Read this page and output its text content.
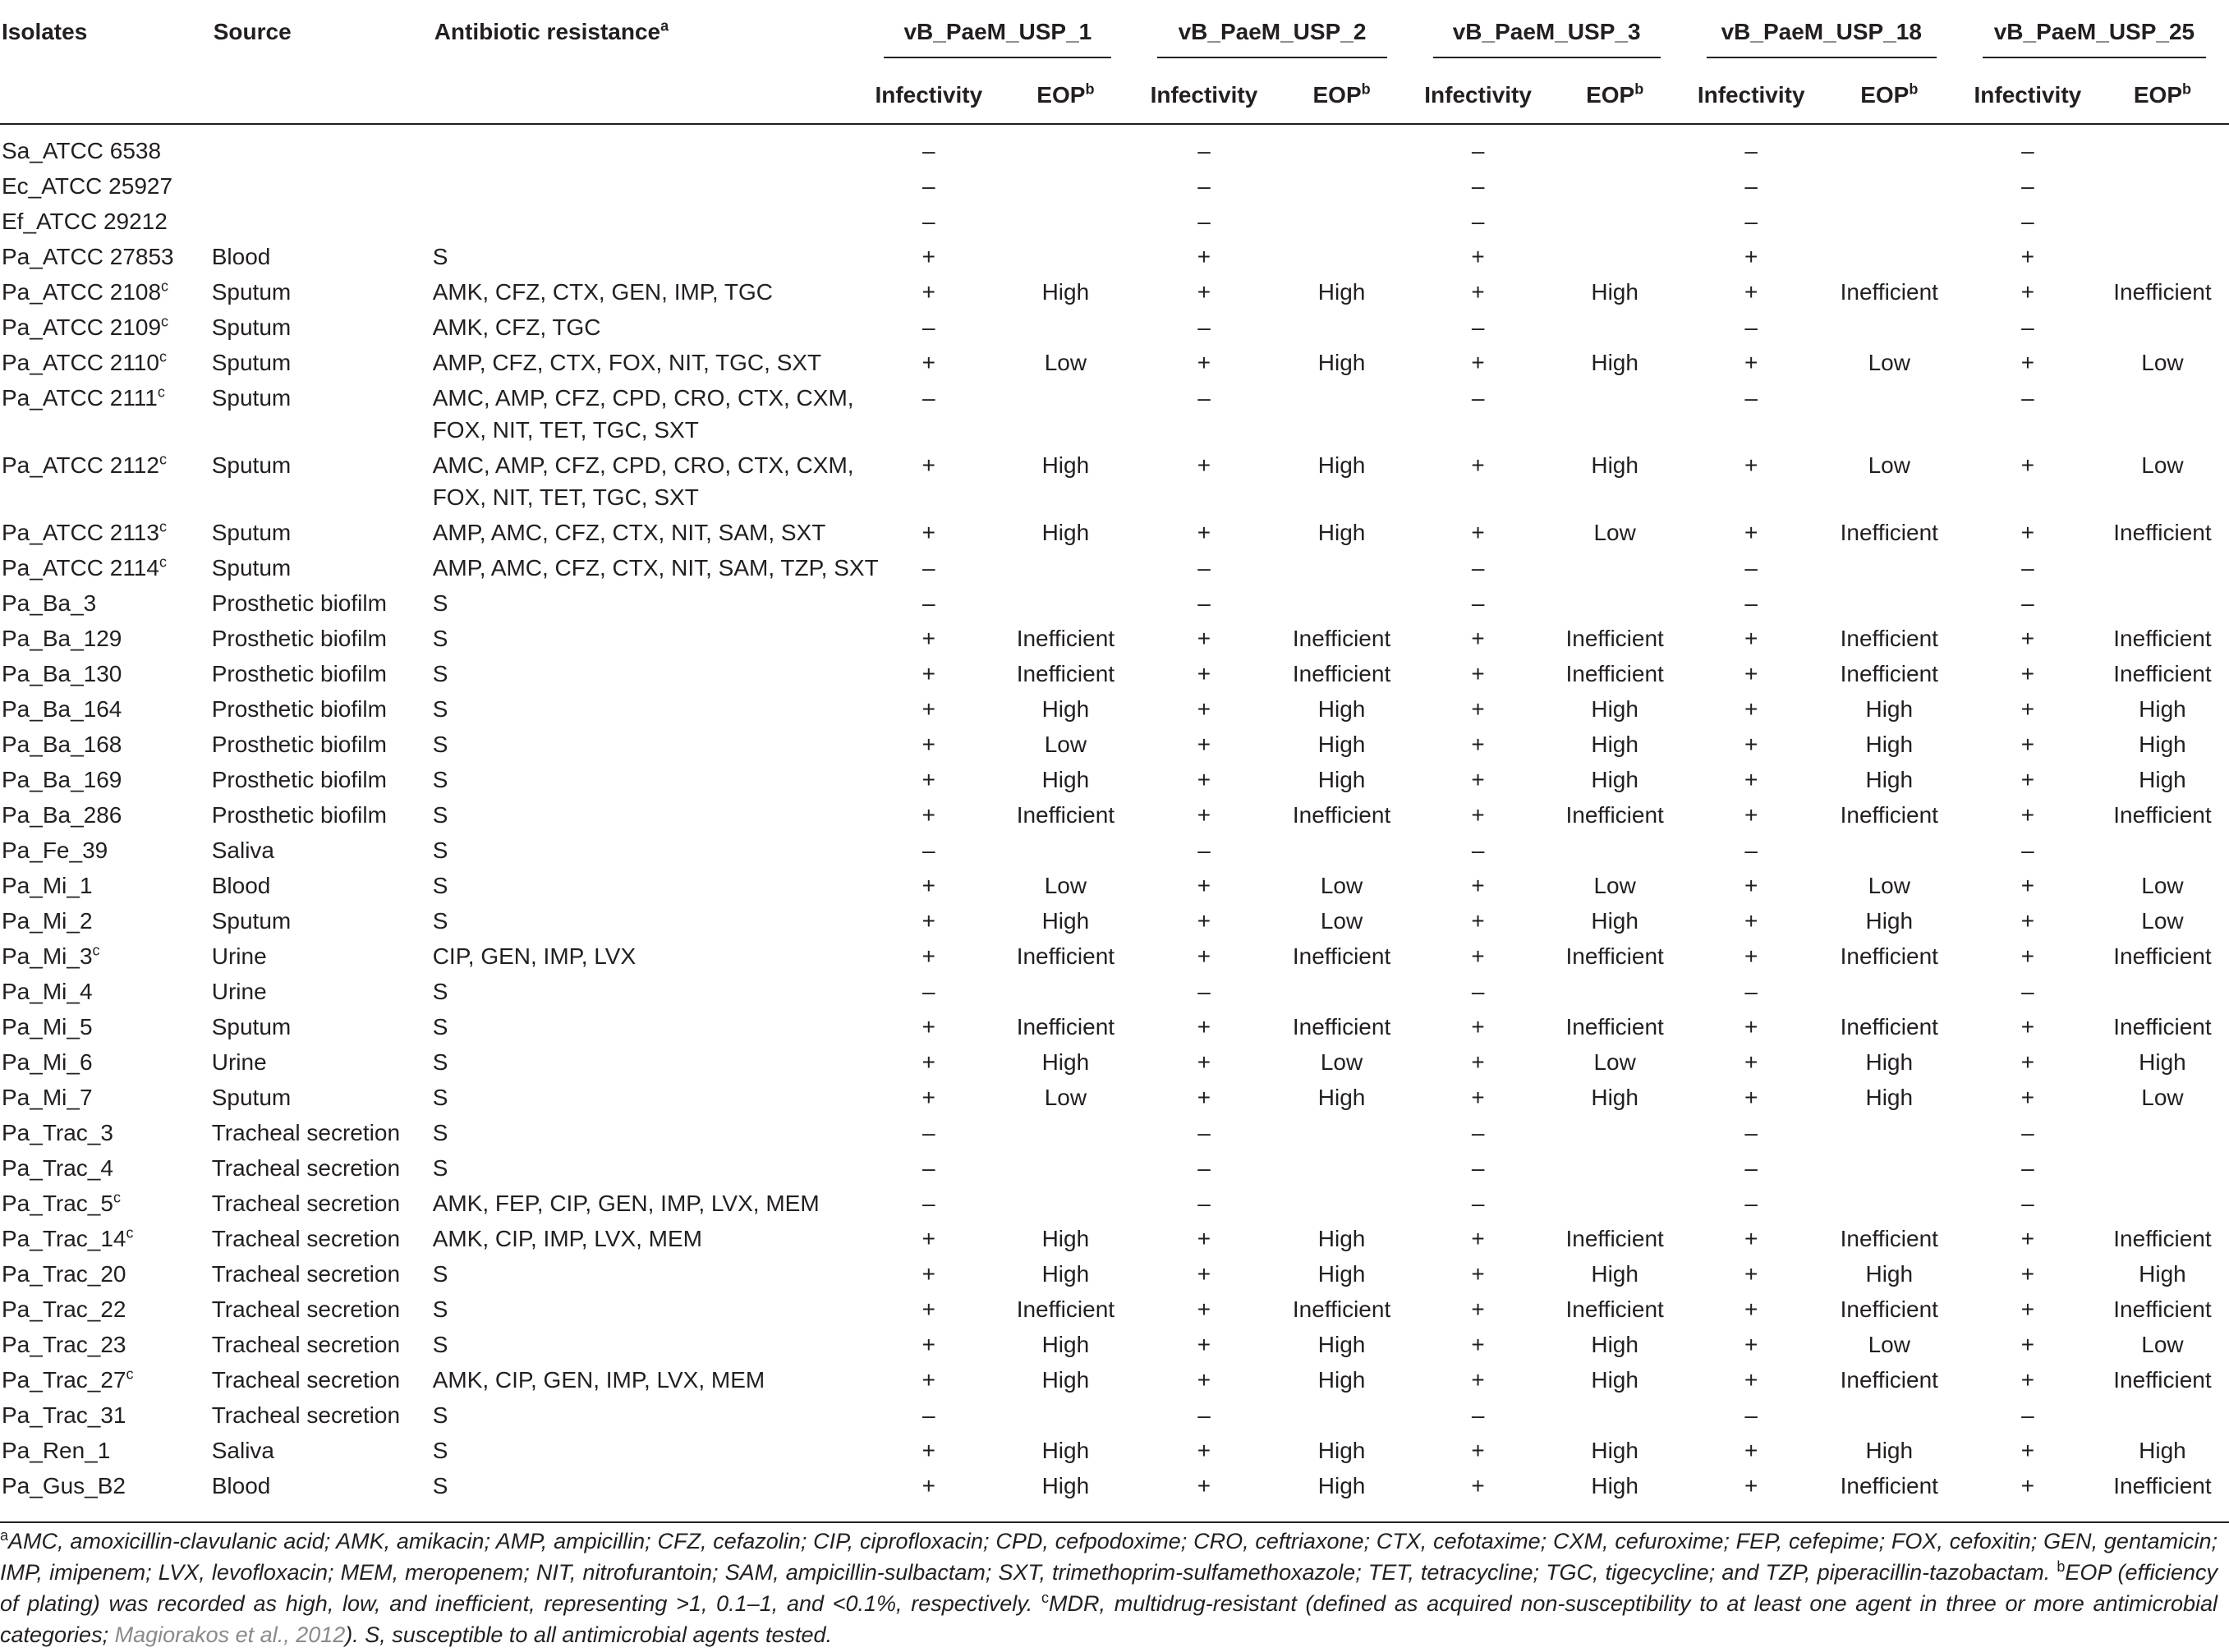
Isolates	Source	Antibiotic resistance$^a$	vB_PaeM_USP_1		vB_PaeM_USP_2		vB_PaeM_USP_3		vB_PaeM_USP_18		vB_PaeM_USP_25	

			Infectivity	EOP$^b$	Infectivity	EOP$^b$	Infectivity	EOP$^b$	Infectivity	EOP$^b$	Infectivity	EOP$^b$
Sa_ATCC 6538			–		–		–		–		–	
Ec_ATCC 25927			–		–		–		–		–	
Ef_ATCC 29212			–		–		–		–		–	
Pa_ATCC 27853	Blood	S	+		+		+		+		+	
Pa_ATCC 2108$^c$	Sputum	AMK, CFZ, CTX, GEN, IMP, TGC	+	High	+	High	+	High	+	Inefficient	+	Inefficient
Pa_ATCC 2109$^c$	Sputum	AMK, CFZ, TGC	–		–		–		–		–	
Pa_ATCC 2110$^c$	Sputum	AMP, CFZ, CTX, FOX, NIT, TGC, SXT	+	Low	+	High	+	High	+	Low	+	Low
Pa_ATCC 2111$^c$	Sputum	AMC, AMP, CFZ, CPD, CRO, CTX, CXM, FOX, NIT, TET, TGC, SXT	–		–		–		–		–	
Pa_ATCC 2112$^c$	Sputum	AMC, AMP, CFZ, CPD, CRO, CTX, CXM, FOX, NIT, TET, TGC, SXT	+	High	+	High	+	High	+	Low	+	Low
Pa_ATCC 2113$^c$	Sputum	AMP, AMC, CFZ, CTX, NIT, SAM, SXT	+	High	+	High	+	Low	+	Inefficient	+	Inefficient
Pa_ATCC 2114$^c$	Sputum	AMP, AMC, CFZ, CTX, NIT, SAM, TZP, SXT	–		–		–		–		–	
Pa_Ba_3	Prosthetic biofilm	S	–		–		–		–		–	
Pa_Ba_129	Prosthetic biofilm	S	+	Inefficient	+	Inefficient	+	Inefficient	+	Inefficient	+	Inefficient
Pa_Ba_130	Prosthetic biofilm	S	+	Inefficient	+	Inefficient	+	Inefficient	+	Inefficient	+	Inefficient
Pa_Ba_164	Prosthetic biofilm	S	+	High	+	High	+	High	+	High	+	High
Pa_Ba_168	Prosthetic biofilm	S	+	Low	+	High	+	High	+	High	+	High
Pa_Ba_169	Prosthetic biofilm	S	+	High	+	High	+	High	+	High	+	High
Pa_Ba_286	Prosthetic biofilm	S	+	Inefficient	+	Inefficient	+	Inefficient	+	Inefficient	+	Inefficient
Pa_Fe_39	Saliva	S	–		–		–		–		–	
Pa_Mi_1	Blood	S	+	Low	+	Low	+	Low	+	Low	+	Low
Pa_Mi_2	Sputum	S	+	High	+	Low	+	High	+	High	+	Low
Pa_Mi_3$^c$	Urine	CIP, GEN, IMP, LVX	+	Inefficient	+	Inefficient	+	Inefficient	+	Inefficient	+	Inefficient
Pa_Mi_4	Urine	S	–		–		–		–		–	
Pa_Mi_5	Sputum	S	+	Inefficient	+	Inefficient	+	Inefficient	+	Inefficient	+	Inefficient
Pa_Mi_6	Urine	S	+	High	+	Low	+	Low	+	High	+	High
Pa_Mi_7	Sputum	S	+	Low	+	High	+	High	+	High	+	Low
Pa_Trac_3	Tracheal secretion	S	–		–		–		–		–	
Pa_Trac_4	Tracheal secretion	S	–		–		–		–		–	
Pa_Trac_5$^c$	Tracheal secretion	AMK, FEP, CIP, GEN, IMP, LVX, MEM	–		–		–		–		–	
Pa_Trac_14$^c$	Tracheal secretion	AMK, CIP, IMP, LVX, MEM	+	High	+	High	+	Inefficient	+	Inefficient	+	Inefficient
Pa_Trac_20	Tracheal secretion	S	+	High	+	High	+	High	+	High	+	High
Pa_Trac_22	Tracheal secretion	S	+	Inefficient	+	Inefficient	+	Inefficient	+	Inefficient	+	Inefficient
Pa_Trac_23	Tracheal secretion	S	+	High	+	High	+	High	+	Low	+	Low
Pa_Trac_27$^c$	Tracheal secretion	AMK, CIP, GEN, IMP, LVX, MEM	+	High	+	High	+	High	+	Inefficient	+	Inefficient
Pa_Trac_31	Tracheal secretion	S	–		–		–		–		–	
Pa_Ren_1	Saliva	S	+	High	+	High	+	High	+	High	+	High
Pa_Gus_B2	Blood	S	+	High	+	High	+	High	+	Inefficient	+	Inefficient

$^a$AMC, amoxicillin-clavulanic acid; AMK, amikacin; AMP, ampicillin; CFZ, cefazolin; CIP, ciprofloxacin; CPD, cefpodoxime; CRO, ceftriaxone; CTX, cefotaxime; CXM, cefuroxime; FEP, cefepime; FOX, cefoxitin; GEN, gentamicin; IMP, imipenem; LVX, levofloxacin; MEM, meropenem; NIT, nitrofurantoin; SAM, ampicillin-sulbactam; SXT, trimethoprim-sulfamethoxazole; TET, tetracycline; TGC, tigecycline; and TZP, piperacillin-tazobactam. $^b$EOP (efficiency of plating) was recorded as high, low, and inefficient, representing >1, 0.1–1, and <0.1%, respectively. $^c$MDR, multidrug-resistant (defined as acquired non-susceptibility to at least one agent in three or more antimicrobial categories; Magiorakos et al., 2012). S, susceptible to all antimicrobial agents tested.
